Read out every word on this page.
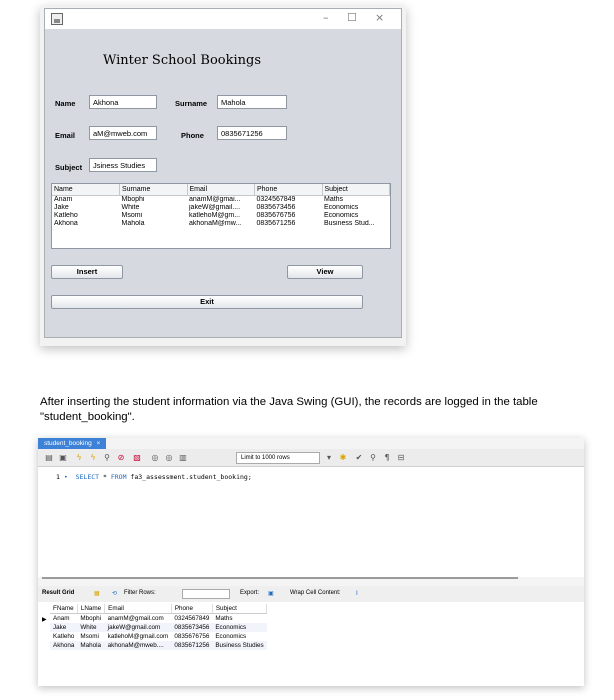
– ☐ ×
Winter School Bookings
Name	Akhona	Surname	Mahola
Email	aM@mweb.com	Phone	0835671256
Subject	Jsiness Studies
Name	Surname	Email	Phone	Subject
Anam	Mbophi	anamM@gmai...	0324567849	Maths
Jake	White	jakeW@gmail....	0835673456	Economics
Katleho	Msomi	katlehoM@gm...	0835676756	Economics
Akhona	Mahola	akhonaM@mw...	0835671256	Business Stud...
Insert	View
Exit

After inserting the student information via the Java Swing (GUI), the records are logged in the table "student_booking".

student_booking ×
▤ ▣ ϟ ϟ ⚲ ⊘ ▧ ◎ ◎ ▥	Limit to 1000 rows	▾	✱ ✔ ⚲	¶	⊟
1 • SELECT * FROM fa3_assessment.student_booking;
Result Grid	▦ ⟲ Filter Rows:	Export: ▣	Wrap Cell Content:	Ⅰ
▶
FName	LName	Email	Phone	Subject
Anam	Mbophi	anamM@gmail.com	0324567849	Maths
Jake	White	jakeW@gmail.com	0835673456	Economics
Katleho	Msomi	katlehoM@gmail.com	0835676756	Economics
Akhona	Mahola	akhonaM@mweb....	0835671256	Business Studies
